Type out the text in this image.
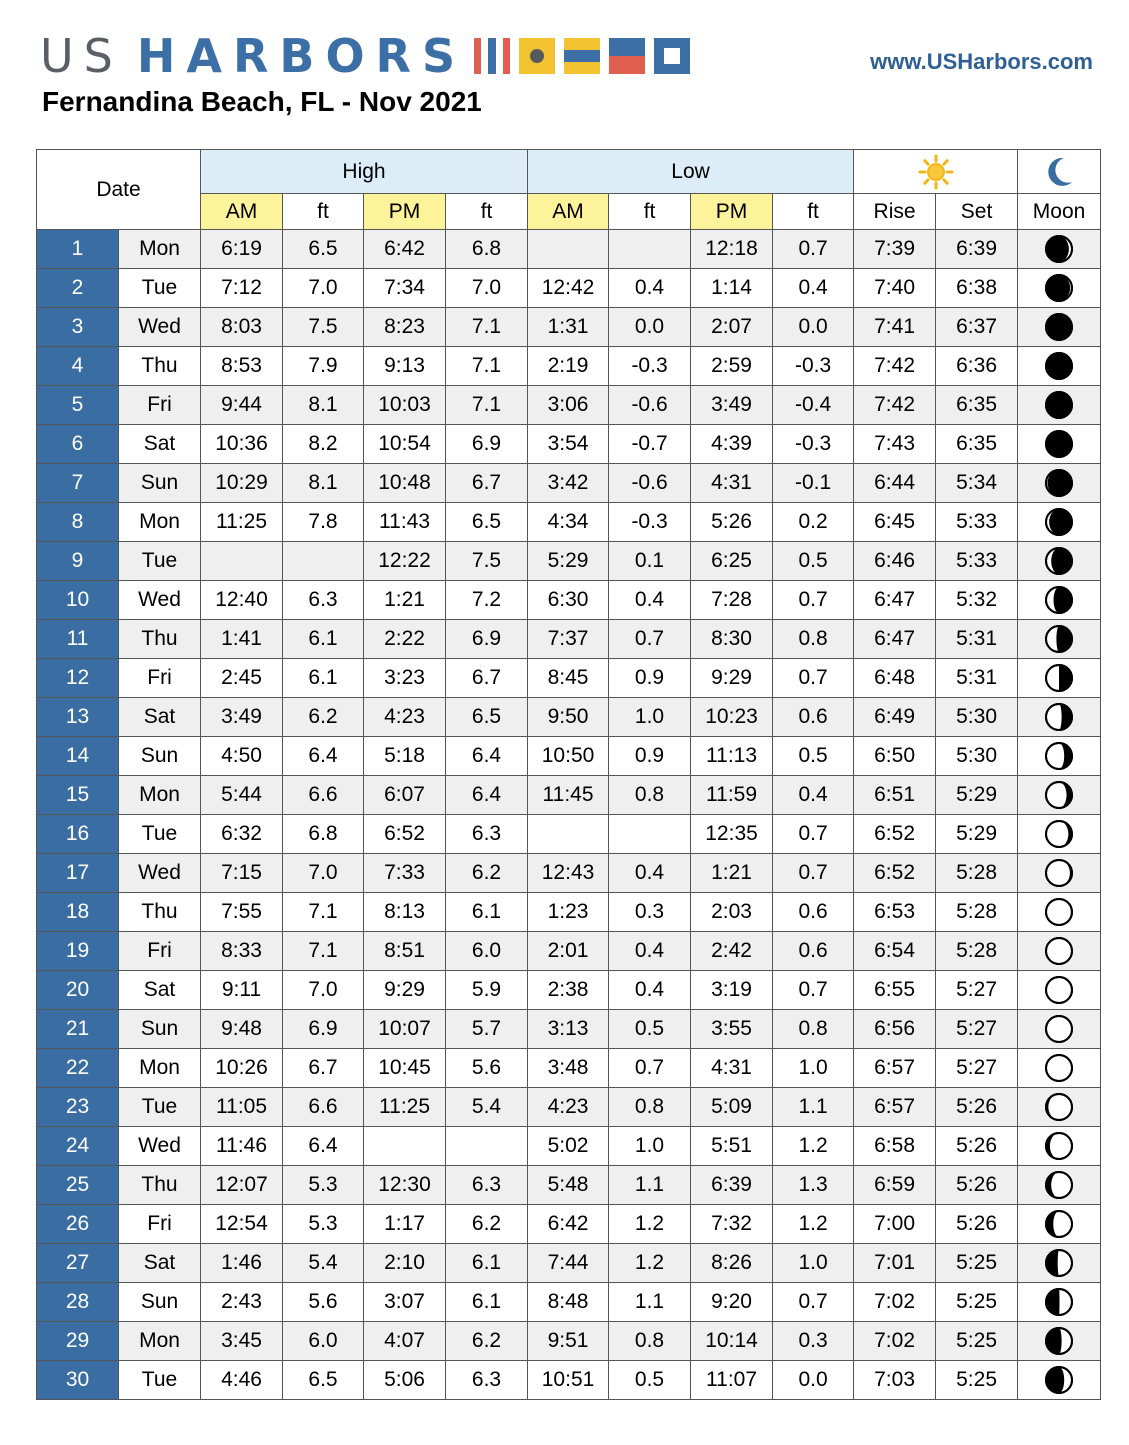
US HARBORS	www.USHarbors.com
Fernandina Beach, FL - Nov 2021
Date		High				Low	

		AM	ft	PM	ft	AM	ft	PM	ft	Rise	Set	Moon
1	Mon	6:19	6.5	6:42	6.8			12:18	0.7	7:39	6:39	

2	Tue	7:12	7.0	7:34	7.0	12:42	0.4	1:14	0.4	7:40	6:38	

3	Wed	8:03	7.5	8:23	7.1	1:31	0.0	2:07	0.0	7:41	6:37	

4	Thu	8:53	7.9	9:13	7.1	2:19	-0.3	2:59	-0.3	7:42	6:36	

5	Fri	9:44	8.1	10:03	7.1	3:06	-0.6	3:49	-0.4	7:42	6:35	

6	Sat	10:36	8.2	10:54	6.9	3:54	-0.7	4:39	-0.3	7:43	6:35	

7	Sun	10:29	8.1	10:48	6.7	3:42	-0.6	4:31	-0.1	6:44	5:34	

8	Mon	11:25	7.8	11:43	6.5	4:34	-0.3	5:26	0.2	6:45	5:33	

9	Tue			12:22	7.5	5:29	0.1	6:25	0.5	6:46	5:33	

10	Wed	12:40	6.3	1:21	7.2	6:30	0.4	7:28	0.7	6:47	5:32	

11	Thu	1:41	6.1	2:22	6.9	7:37	0.7	8:30	0.8	6:47	5:31	

12	Fri	2:45	6.1	3:23	6.7	8:45	0.9	9:29	0.7	6:48	5:31	

13	Sat	3:49	6.2	4:23	6.5	9:50	1.0	10:23	0.6	6:49	5:30	

14	Sun	4:50	6.4	5:18	6.4	10:50	0.9	11:13	0.5	6:50	5:30	

15	Mon	5:44	6.6	6:07	6.4	11:45	0.8	11:59	0.4	6:51	5:29	

16	Tue	6:32	6.8	6:52	6.3			12:35	0.7	6:52	5:29	

17	Wed	7:15	7.0	7:33	6.2	12:43	0.4	1:21	0.7	6:52	5:28	

18	Thu	7:55	7.1	8:13	6.1	1:23	0.3	2:03	0.6	6:53	5:28	

19	Fri	8:33	7.1	8:51	6.0	2:01	0.4	2:42	0.6	6:54	5:28	

20	Sat	9:11	7.0	9:29	5.9	2:38	0.4	3:19	0.7	6:55	5:27	

21	Sun	9:48	6.9	10:07	5.7	3:13	0.5	3:55	0.8	6:56	5:27	

22	Mon	10:26	6.7	10:45	5.6	3:48	0.7	4:31	1.0	6:57	5:27	

23	Tue	11:05	6.6	11:25	5.4	4:23	0.8	5:09	1.1	6:57	5:26	

24	Wed	11:46	6.4			5:02	1.0	5:51	1.2	6:58	5:26	

25	Thu	12:07	5.3	12:30	6.3	5:48	1.1	6:39	1.3	6:59	5:26	

26	Fri	12:54	5.3	1:17	6.2	6:42	1.2	7:32	1.2	7:00	5:26	

27	Sat	1:46	5.4	2:10	6.1	7:44	1.2	8:26	1.0	7:01	5:25	

28	Sun	2:43	5.6	3:07	6.1	8:48	1.1	9:20	0.7	7:02	5:25	

29	Mon	3:45	6.0	4:07	6.2	9:51	0.8	10:14	0.3	7:02	5:25	

30	Tue	4:46	6.5	5:06	6.3	10:51	0.5	11:07	0.0	7:03	5:25	
